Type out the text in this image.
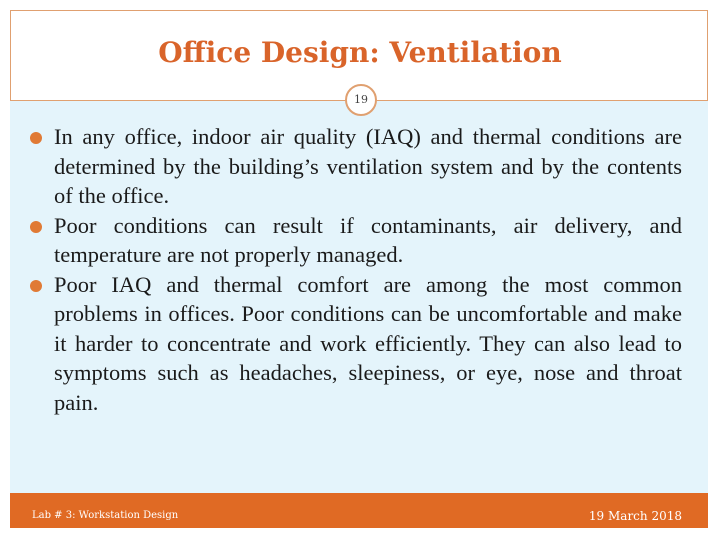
Office Design: Ventilation
19
In any office, indoor air quality (IAQ) and thermal conditions are determined by the building’s ventilation system and by the contents of the office.
Poor conditions can result if contaminants, air delivery, and temperature are not properly managed.
Poor IAQ and thermal comfort are among the most common problems in offices. Poor conditions can be uncomfortable and make it harder to concentrate and work efficiently. They can also lead to symptoms such as headaches, sleepiness, or eye, nose and throat pain.
Lab # 3: Workstation Design	19 March 2018
